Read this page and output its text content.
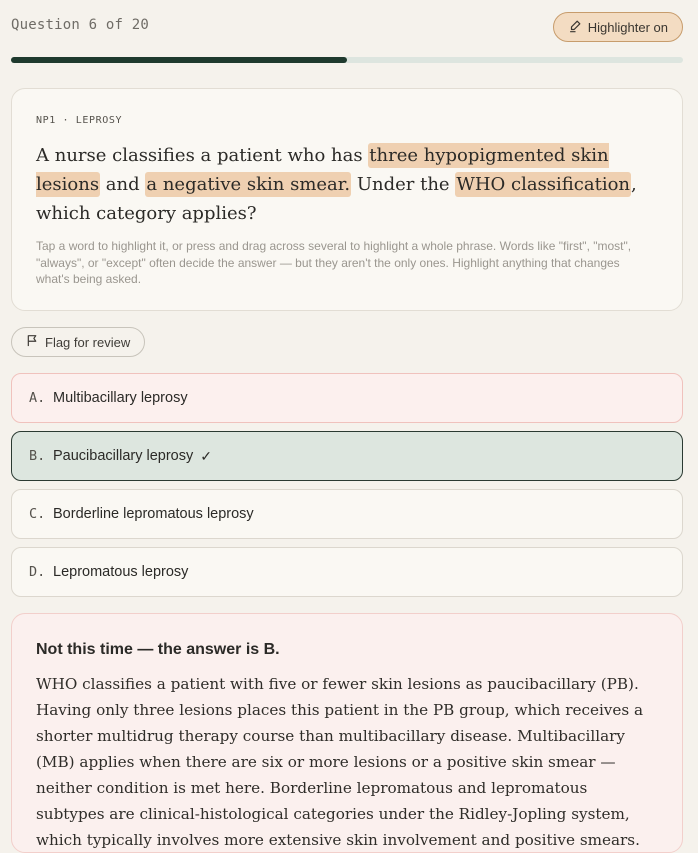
Question 6 of 20	Highlighter on
NP1 · LEPROSY
A nurse classifies a patient who has three hypopigmented skin lesions and a negative skin smear. Under the WHO classification, which category applies?
Tap a word to highlight it, or press and drag across several to highlight a whole phrase. Words like "first", "most", "always", or "except" often decide the answer — but they aren't the only ones. Highlight anything that changes what's being asked.
Flag for review
A. Multibacillary leprosy
B. Paucibacillary leprosy ✓
C. Borderline lepromatous leprosy
D. Lepromatous leprosy
Not this time — the answer is B.
WHO classifies a patient with five or fewer skin lesions as paucibacillary (PB). Having only three lesions places this patient in the PB group, which receives a shorter multidrug therapy course than multibacillary disease. Multibacillary (MB) applies when there are six or more lesions or a positive skin smear — neither condition is met here. Borderline lepromatous and lepromatous subtypes are clinical-histological categories under the Ridley-Jopling system, which typically involves more extensive skin involvement and positive smears.
